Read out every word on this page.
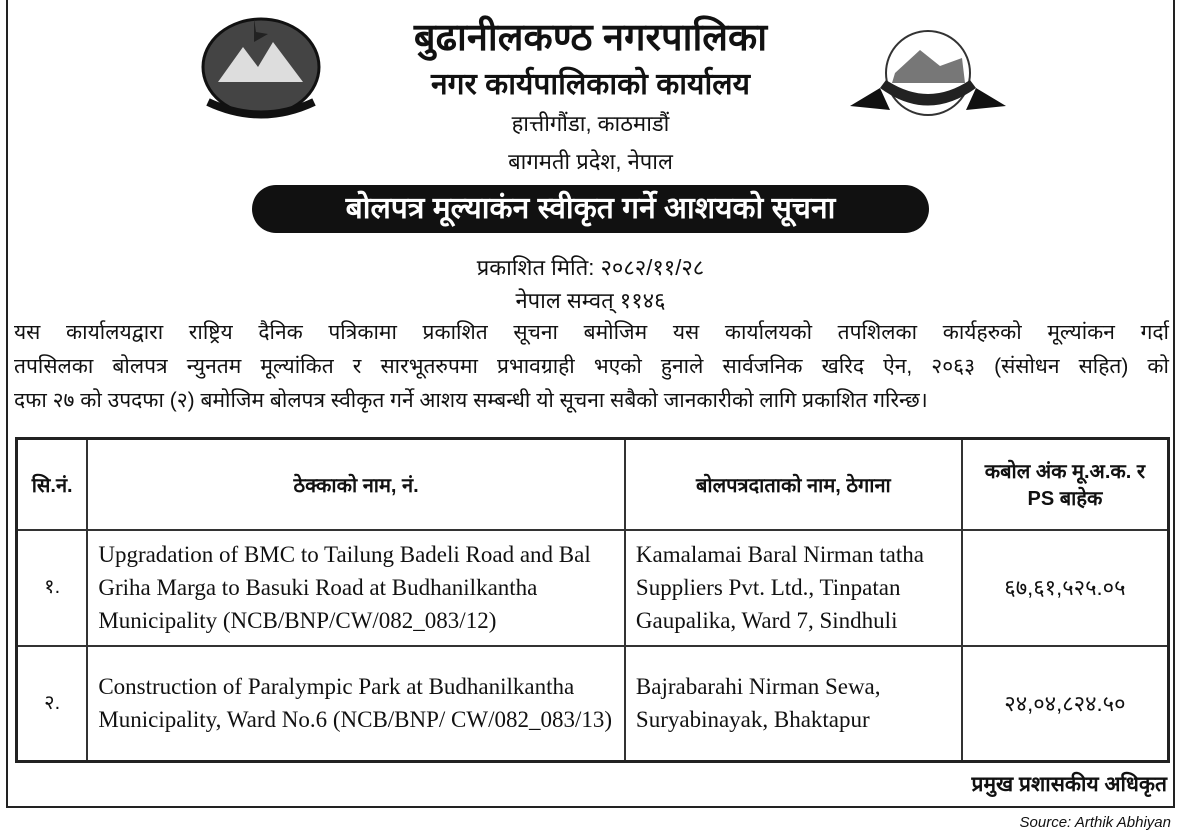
बुढानीलकण्ठ नगरपालिका
नगर कार्यपालिकाको कार्यालय
हात्तीगौंडा, काठमाडौं
बागमती प्रदेश, नेपाल
बोलपत्र मूल्याकंन स्वीकृत गर्ने आशयको सूचना
प्रकाशित मिति: २०८२/११/२८
नेपाल सम्वत् ११४६
यस कार्यालयद्वारा राष्ट्रिय दैनिक पत्रिकामा प्रकाशित सूचना बमोजिम यस कार्यालयको तपशिलका कार्यहरुको मूल्यांकन गर्दा
तपसिलका बोलपत्र न्युनतम मूल्यांकित र सारभूतरुपमा प्रभावग्राही भएको हुनाले सार्वजनिक खरिद ऐन, २०६३ (संसोधन सहित) को
दफा २७ को उपदफा (२) बमोजिम बोलपत्र स्वीकृत गर्ने आशय सम्बन्धी यो सूचना सबैको जानकारीको लागि प्रकाशित गरिन्छ।
सि.नं.	ठेक्काको नाम, नं.	बोलपत्रदाताको नाम, ठेगाना	कबोल अंक मू.अ.क. र PS बाहेक
१.	Upgradation of BMC to Tailung Badeli Road and Bal Griha Marga to Basuki Road at Budhanilkantha Municipality (NCB/BNP/CW/082_083/12)	Kamalamai Baral Nirman tatha Suppliers Pvt. Ltd., Tinpatan Gaupalika, Ward 7, Sindhuli	६७,६१,५२५.०५
२.	Construction of Paralympic Park at Budhanilkantha Municipality, Ward No.6 (NCB/BNP/ CW/082_083/13)	Bajrabarahi Nirman Sewa, Suryabinayak, Bhaktapur	२४,०४,८२४.५०
प्रमुख प्रशासकीय अधिकृत
Source: Arthik Abhiyan
